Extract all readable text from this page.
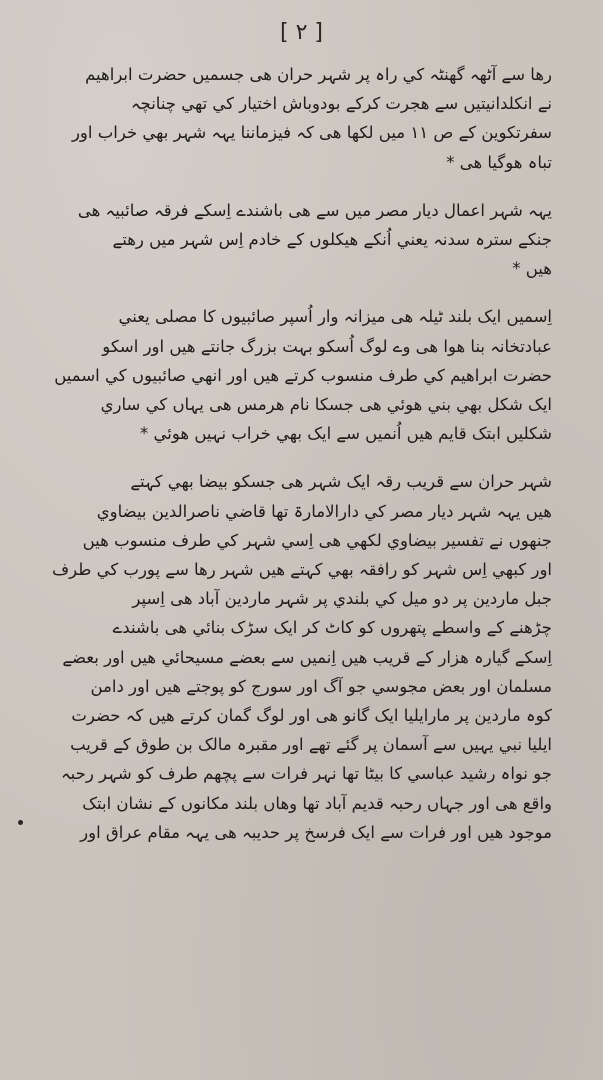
[ ۲ ]

رھا سے آٹھہ گھنٹہ کي راہ پر شہر حران ھی جسمیں حضرت ابراھیم
نے انکلدانیتیں سے ھجرت کرکے بودوباش اختیار کي تھي چنانچہ
سفرتکوین کے ص ١١ میں لکھا ھی کہ فيزماننا یہہ شہر بھي خراب اور
تباہ ھوگیا ھی *

یہہ شہر اعمال دیار مصر میں سے ھی باشندے اِسکے فرقہ صائبیہ ھی
جنکے سترہ سدنہ یعني اُنکے ھیکلوں کے خادم اِس شہر میں رھتے
ھیں *

اِسمیں ایک بلند ٹیلہ ھی میزانہ وار اُسپر صائبیوں کا مصلی یعني
عبادتخانہ بنا ھوا ھی وے لوگ اُسکو بہت بزرگ جانتے ھیں اور اسکو
حضرت ابراھیم کي طرف منسوب کرتے ھیں اور انھي صائبیوں کي اسمیں
ایک شکل بھي بني ھوئي ھی جسکا نام ھرمس ھی یہاں کي ساري
شکلیں ابتک قایم ھیں اُنمیں سے ایک بھي خراب نہیں ھوئي *

شہر حران سے قریب رقہ ایک شہر ھی جسکو بیضا بھي کہتے
ھیں یہہ شہر دیار مصر کي دارالامارۃ تھا قاضي ناصرالدین بیضاوي
جنھوں نے تفسیر بیضاوي لکھي ھی اِسي شہر کي طرف منسوب ھیں
اور کبھي اِس شہر کو رافقہ بھي کہتے ھیں شہر رھا سے پورب کي طرف
جبل ماردین پر دو میل کي بلندي پر شہر ماردین آباد ھی اِسپر
چڑھنے کے واسطے پتھروں کو کاٹ کر ایک سڑک بنائي ھی باشندے
اِسکے گیارہ ھزار کے قریب ھیں اِنمیں سے بعضے مسیحائي ھیں اور بعضے
مسلمان اور بعض مجوسي جو آگ اور سورج کو پوجتے ھیں اور دامن
کوہ ماردین پر مارایلیا ایک گانو ھی اور لوگ گمان کرتے ھیں کہ حضرت
ایلیا نبي یہیں سے آسمان پر گئے تھے اور مقبرہ مالک بن طوق کے قریب
جو نواہ رشید عباسي کا بیٹا تھا نہر فرات سے پچھم طرف کو شہر رحبہ
واقع ھی اور جہاں رحبہ قدیم آباد تھا وھاں بلند مکانوں کے نشان ابتک
موجود ھیں اور فرات سے ایک فرسخ پر حدیبہ ھی یہہ مقام عراق اور
